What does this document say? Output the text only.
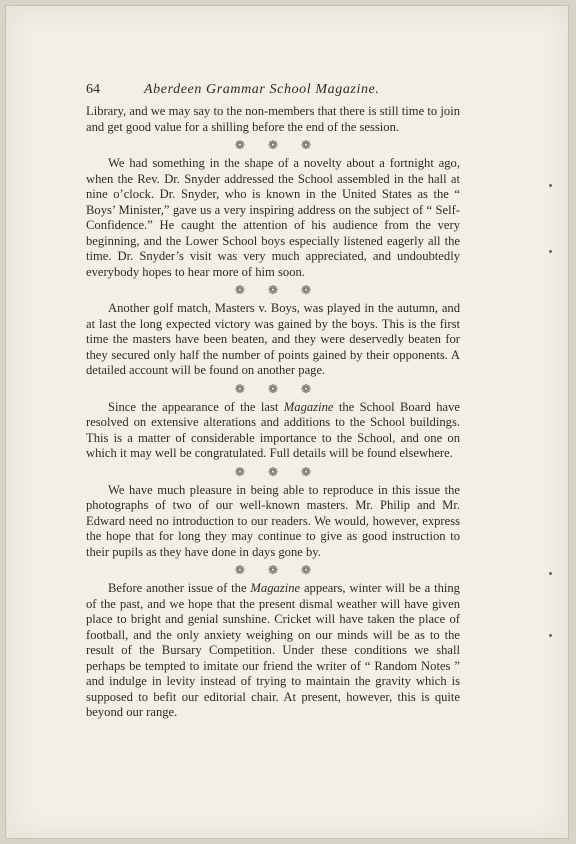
64	Aberdeen Grammar School Magazine.

Library, and we may say to the non-members that there is still time to join and get good value for a shilling before the end of the session.

❁ ❁ ❁

We had something in the shape of a novelty about a fortnight ago, when the Rev. Dr. Snyder addressed the School assembled in the hall at nine o’clock. Dr. Snyder, who is known in the United States as the “ Boys’ Minister,” gave us a very inspiring address on the subject of “ Self-Confidence.” He caught the attention of his audience from the very beginning, and the Lower School boys especially listened eagerly all the time. Dr. Snyder’s visit was very much appreciated, and undoubtedly everybody hopes to hear more of him soon.

❁ ❁ ❁

Another golf match, Masters v. Boys, was played in the autumn, and at last the long expected victory was gained by the boys. This is the first time the masters have been beaten, and they were deservedly beaten for they secured only half the number of points gained by their opponents. A detailed account will be found on another page.

❁ ❁ ❁

Since the appearance of the last Magazine the School Board have resolved on extensive alterations and additions to the School buildings. This is a matter of considerable importance to the School, and one on which it may well be congratulated. Full details will be found elsewhere.

❁ ❁ ❁

We have much pleasure in being able to reproduce in this issue the photographs of two of our well-known masters. Mr. Philip and Mr. Edward need no introduction to our readers. We would, however, express the hope that for long they may continue to give as good instruction to their pupils as they have done in days gone by.

❁ ❁ ❁

Before another issue of the Magazine appears, winter will be a thing of the past, and we hope that the present dismal weather will have given place to bright and genial sunshine. Cricket will have taken the place of football, and the only anxiety weighing on our minds will be as to the result of the Bursary Competition. Under these conditions we shall perhaps be tempted to imitate our friend the writer of “ Random Notes ” and indulge in levity instead of trying to maintain the gravity which is supposed to befit our editorial chair. At present, however, this is quite beyond our range.
